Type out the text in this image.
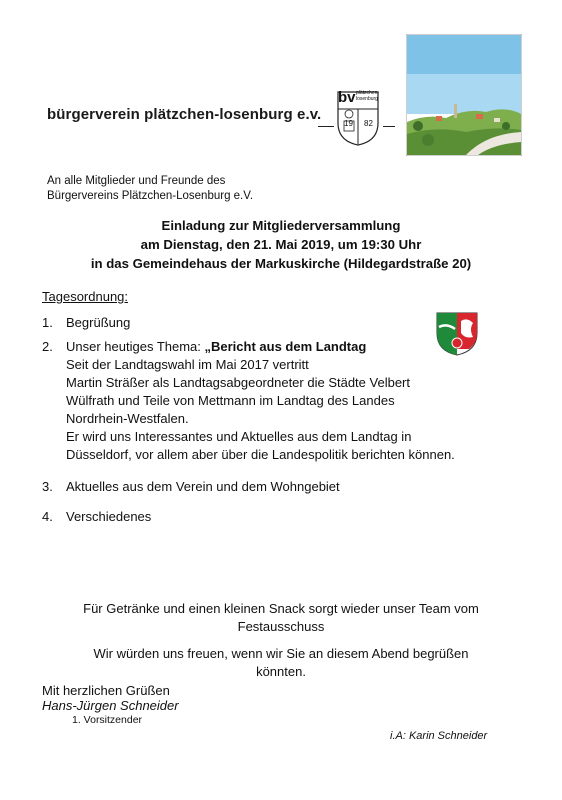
bürgerverein plätzchen-losenburg e.v.
bv plätzchen-losenburg
19 82
An alle Mitglieder und Freunde des
Bürgervereins Plätzchen-Losenburg e.V.
Einladung zur Mitgliederversammlung
am Dienstag, den 21. Mai 2019, um 19:30 Uhr
in das Gemeindehaus der Markuskirche (Hildegardstraße 20)
Tagesordnung:
1. Begrüßung
2. Unser heutiges Thema: „Bericht aus dem Landtag
Seit der Landtagswahl im Mai 2017 vertritt
Martin Sträßer als Landtagsabgeordneter die Städte Velbert
Wülfrath und Teile von Mettmann im Landtag des Landes
Nordrhein-Westfalen.
Er wird uns Interessantes und Aktuelles aus dem Landtag in
Düsseldorf, vor allem aber über die Landespolitik berichten können.
3. Aktuelles aus dem Verein und dem Wohngebiet
4. Verschiedenes
Für Getränke und einen kleinen Snack sorgt wieder unser Team vom
Festausschuss
Wir würden uns freuen, wenn wir Sie an diesem Abend begrüßen
könnten.
Mit herzlichen Grüßen
Hans-Jürgen Schneider
1. Vorsitzender
i.A: Karin Schneider
